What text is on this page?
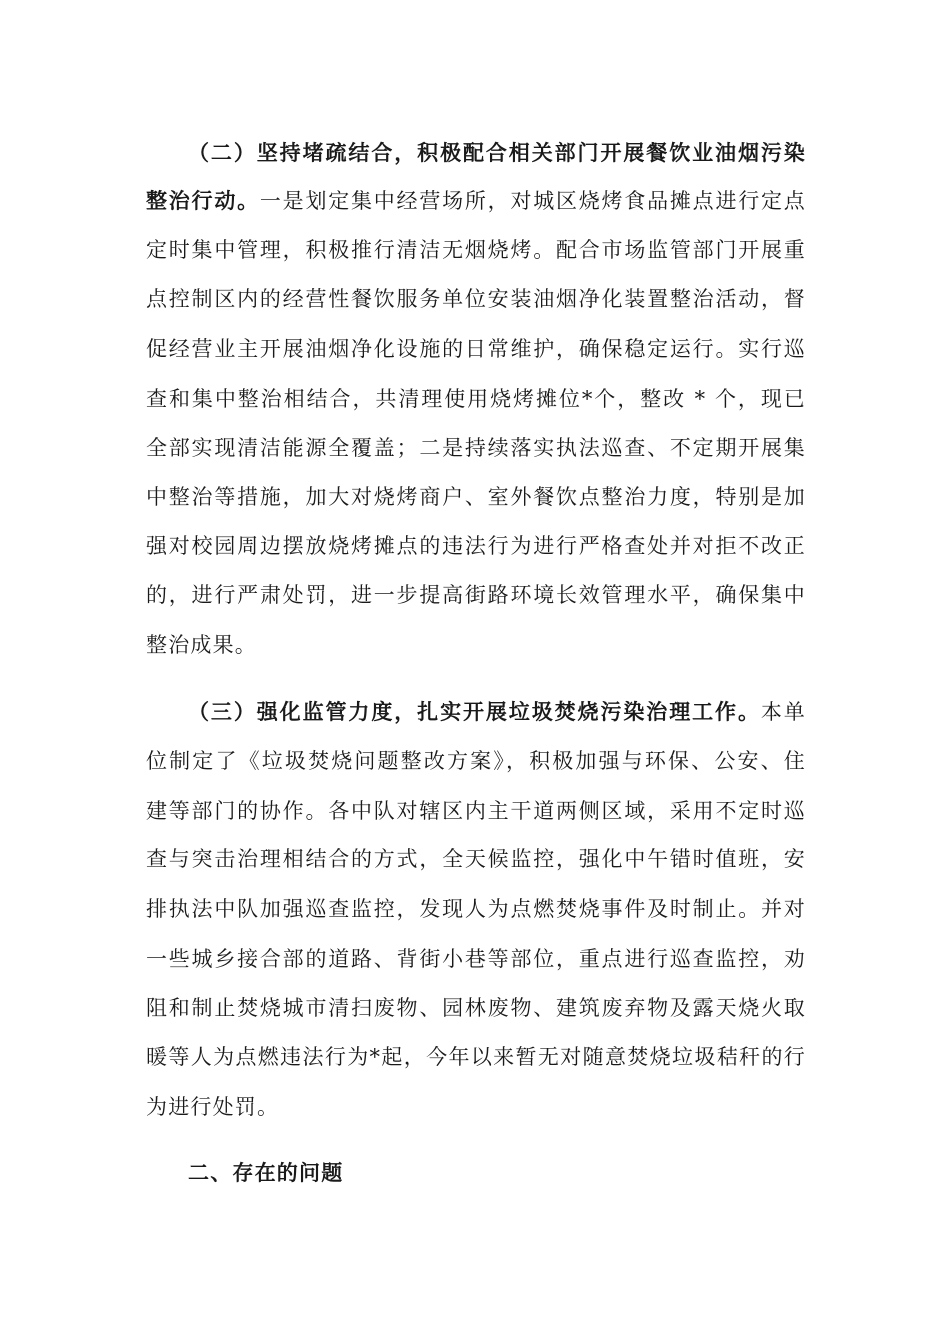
（二）坚持堵疏结合，积极配合相关部门开展餐饮业油烟污染
整治行动。一是划定集中经营场所，对城区烧烤食品摊点进行定点
定时集中管理，积极推行清洁无烟烧烤。配合市场监管部门开展重
点控制区内的经营性餐饮服务单位安装油烟净化装置整治活动，督
促经营业主开展油烟净化设施的日常维护，确保稳定运行。实行巡
查和集中整治相结合，共清理使用烧烤摊位*个，整改 * 个，现已
全部实现清洁能源全覆盖；二是持续落实执法巡查、不定期开展集
中整治等措施，加大对烧烤商户、室外餐饮点整治力度，特别是加
强对校园周边摆放烧烤摊点的违法行为进行严格查处并对拒不改正
的，进行严肃处罚，进一步提高街路环境长效管理水平，确保集中
整治成果。
（三）强化监管力度，扎实开展垃圾焚烧污染治理工作。本单
位制定了《垃圾焚烧问题整改方案》，积极加强与环保、公安、住
建等部门的协作。各中队对辖区内主干道两侧区域，采用不定时巡
查与突击治理相结合的方式，全天候监控，强化中午错时值班，安
排执法中队加强巡查监控，发现人为点燃焚烧事件及时制止。并对
一些城乡接合部的道路、背街小巷等部位，重点进行巡查监控，劝
阻和制止焚烧城市清扫废物、园林废物、建筑废弃物及露天烧火取
暖等人为点燃违法行为*起，今年以来暂无对随意焚烧垃圾秸秆的行
为进行处罚。
二、存在的问题
